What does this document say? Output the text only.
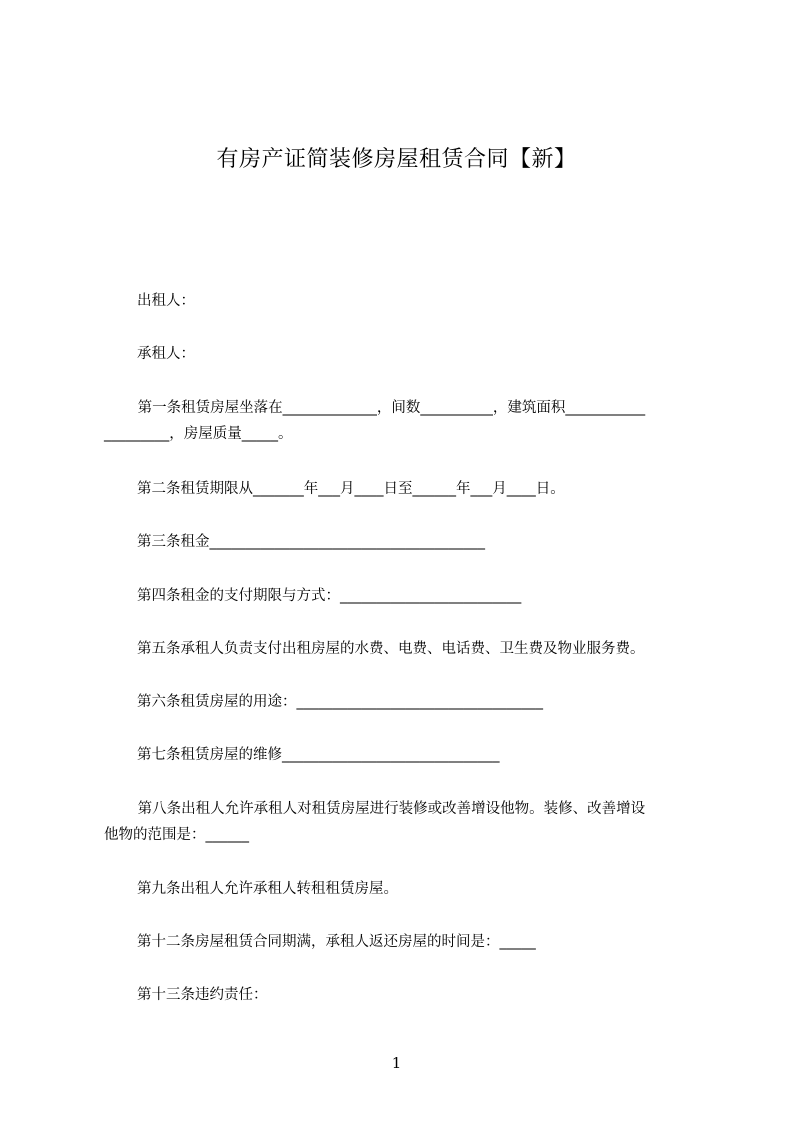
有房产证简装修房屋租赁合同【新】
出租人：
承租人：
第一条租赁房屋坐落在_____________，间数__________，建筑面积___________
_________，房屋质量_____。
第二条租赁期限从_______年___月____日至______年___月____日。
第三条租金______________________________________
第四条租金的支付期限与方式：_________________________
第五条承租人负责支付出租房屋的水费、电费、电话费、卫生费及物业服务费。
第六条租赁房屋的用途：__________________________________
第七条租赁房屋的维修______________________________
第八条出租人允许承租人对租赁房屋进行装修或改善增设他物。装修、改善增设
他物的范围是：______
第九条出租人允许承租人转租租赁房屋。
第十二条房屋租赁合同期满，承租人返还房屋的时间是：_____
第十三条违约责任：
1
